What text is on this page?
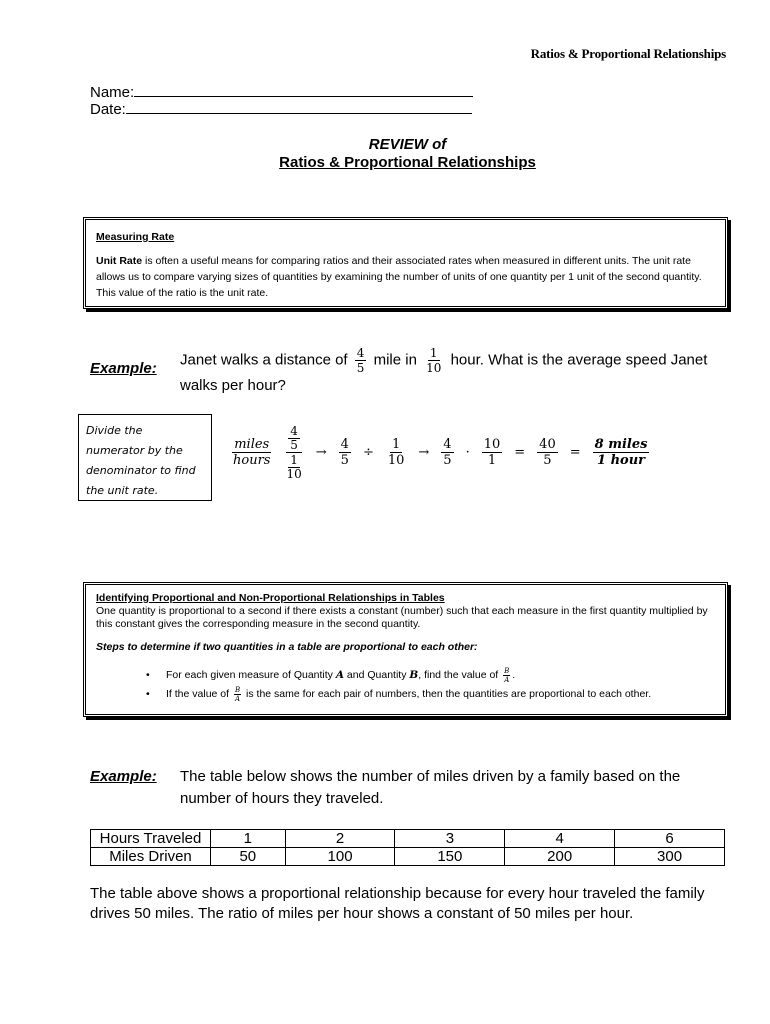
Ratios & Proportional Relationships
Name:
Date:
REVIEW of
Ratios & Proportional Relationships
Measuring Rate

Unit Rate is often a useful means for comparing ratios and their associated rates when measured in different units. The unit rate allows us to compare varying sizes of quantities by examining the number of units of one quantity per 1 unit of the second quantity. This value of the ratio is the unit rate.

Example:
Janet walks a distance of $\frac{4}{5}$ mile in $\frac{1}{10}$ hour. What is the average speed Janet walks per hour?
Divide the numerator by the denominator to find the unit rate.
$\frac{\text{miles}}{\text{hours}} \frac{\frac{4}{5}}{\frac{1}{10}} \to \frac{4}{5} \div \frac{1}{10} \to \frac{4}{5} \cdot \frac{10}{1} = \frac{40}{5} = \frac{\text{8 miles}}{\text{1 hour}}$
Identifying Proportional and Non-Proportional Relationships in Tables
One quantity is proportional to a second if there exists a constant (number) such that each measure in the first quantity multiplied by this constant gives the corresponding measure in the second quantity.
Steps to determine if two quantities in a table are proportional to each other:
• For each given measure of Quantity A and Quantity B, find the value of $\frac{B}{A}$ .
• If the value of $\frac{B}{A}$ is the same for each pair of numbers, then the quantities are proportional to each other.
Example: The table below shows the number of miles driven by a family based on the number of hours they traveled.
Hours Traveled	1	2	3	4	6
Miles Driven	50	100	150	200	300
The table above shows a proportional relationship because for every hour traveled the family drives 50 miles. The ratio of miles per hour shows a constant of 50 miles per hour.
